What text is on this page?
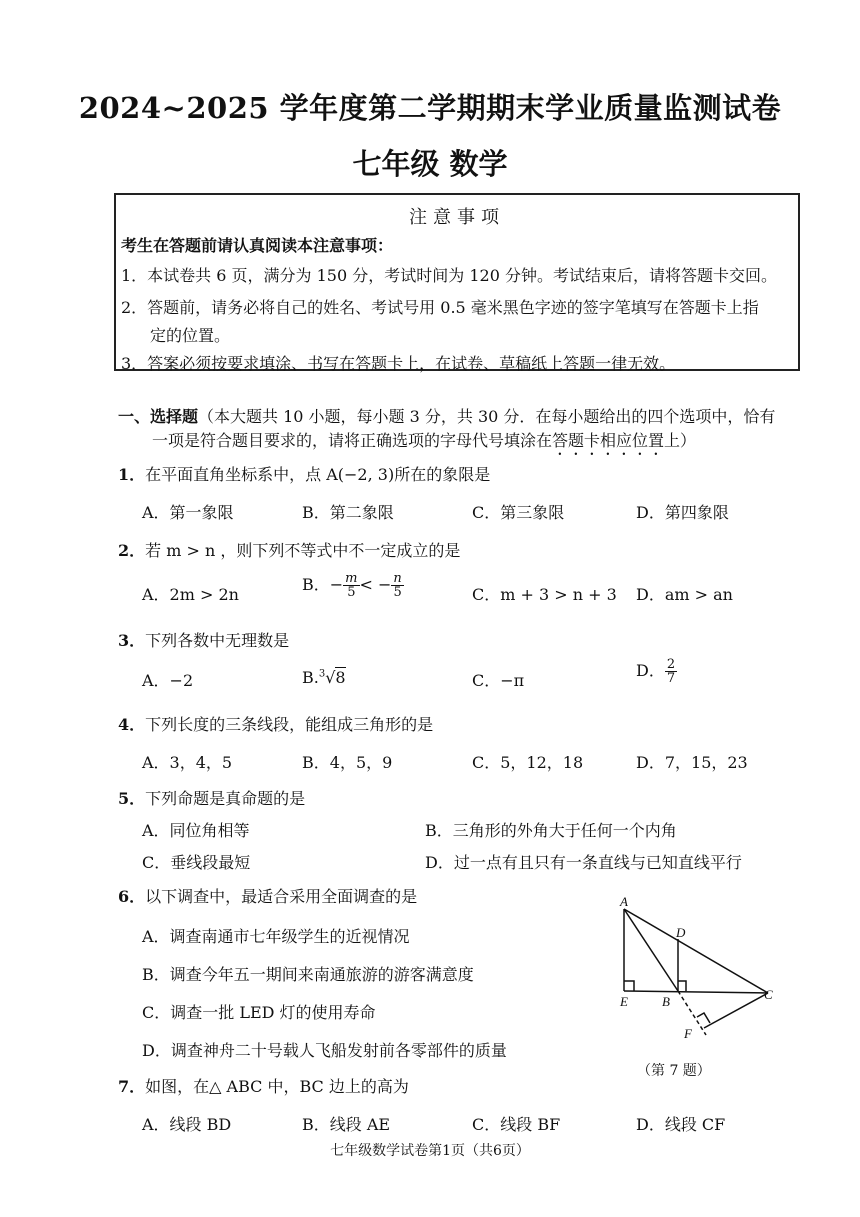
2024~2025 学年度第二学期期末学业质量监测试卷
七年级 数学
注意事项
考生在答题前请认真阅读本注意事项：
1．本试卷共 6 页，满分为 150 分，考试时间为 120 分钟。考试结束后，请将答题卡交回。
2．答题前，请务必将自己的姓名、考试号用 0.5 毫米黑色字迹的签字笔填写在答题卡上指
定的位置。
3．答案必须按要求填涂、书写在答题卡上，在试卷、草稿纸上答题一律无效。
一、选择题（本大题共 10 小题，每小题 3 分，共 30 分．在每小题给出的四个选项中，恰有
一项是符合题目要求的，请将正确选项的字母代号填涂在答题卡相应位置上）
1．在平面直角坐标系中，点 A(−2, 3)所在的象限是
A．第一象限	B．第二象限	C．第三象限	D．第四象限
2．若 m > n ，则下列不等式中不一定成立的是
A．2m > 2n
B．− $\frac{m}{5}$ < − $\frac{n}{5}$	C．m + 3 > n + 3 D．am > an
3．下列各数中无理数是
A．−2	B.$^3$√8	C．−π
D． $\frac{2}{7}$
4．下列长度的三条线段，能组成三角形的是
A．3，4，5	B．4，5，9	C．5，12，18	D．7，15，23
5．下列命题是真命题的是
A．同位角相等	B．三角形的外角大于任何一个内角
C．垂线段最短	D．过一点有且只有一条直线与已知直线平行
6．以下调查中，最适合采用全面调查的是
A．调查南通市七年级学生的近视情况
B．调查今年五一期间来南通旅游的游客满意度
C．调查一批 LED 灯的使用寿命
D．调查神舟二十号载人飞船发射前各零部件的质量
A
D
E	B	C
F
（第 7 题）
7．如图，在△ ABC 中，BC 边上的高为
A．线段 BD	B．线段 AE	C．线段 BF	D．线段 CF
七年级数学试卷第1页（共6页）
